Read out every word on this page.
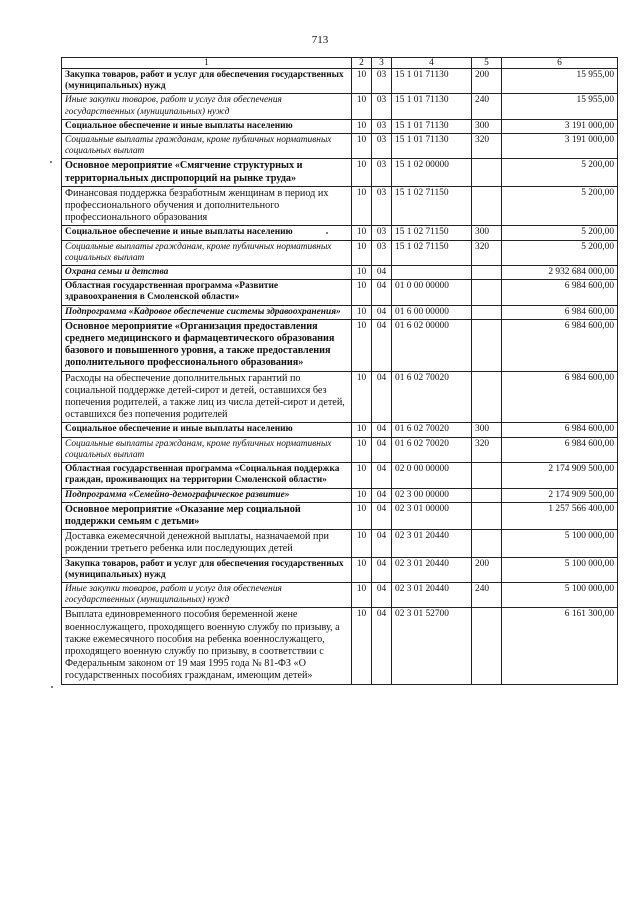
713
1	2	3	4	5	6
Закупка товаров, работ и услуг для обеспечения государственных (муниципальных) нужд	10	03	15 1 01 71130	200	15 955,00
Иные закупки товаров, работ и услуг для обеспечения государственных (муниципальных) нужд	10	03	15 1 01 71130	240	15 955,00
Социальное обеспечение и иные выплаты населению	10	03	15 1 01 71130	300	3 191 000,00
Социальные выплаты гражданам, кроме публичных нормативных социальных выплат	10	03	15 1 01 71130	320	3 191 000,00
Основное мероприятие «Смягчение структурных и территориальных диспропорций на рынке труда»	10	03	15 1 02 00000		5 200,00
Финансовая поддержка безработным женщинам в период их профессионального обучения и дополнительного профессионального образования	10	03	15 1 02 71150		5 200,00
Социальное обеспечение и иные выплаты населению	10	03	15 1 02 71150	300	5 200,00
Социальные выплаты гражданам, кроме публичных нормативных социальных выплат	10	03	15 1 02 71150	320	5 200,00
Охрана семьи и детства	10	04			2 932 684 000,00
Областная государственная программа «Развитие здравоохранения в Смоленской области»	10	04	01 0 00 00000		6 984 600,00
Подпрограмма «Кадровое обеспечение системы здравоохранения»	10	04	01 6 00 00000		6 984 600,00
Основное мероприятие «Организация предоставления среднего медицинского и фармацевтического образования базового и повышенного уровня, а также предоставления дополнительного профессионального образования»	10	04	01 6 02 00000		6 984 600,00
Расходы на обеспечение дополнительных гарантий по социальной поддержке детей-сирот и детей, оставшихся без попечения родителей, а также лиц из числа детей-сирот и детей, оставшихся без попечения родителей	10	04	01 6 02 70020		6 984 600,00
Социальное обеспечение и иные выплаты населению	10	04	01 6 02 70020	300	6 984 600,00
Социальные выплаты гражданам, кроме публичных нормативных социальных выплат	10	04	01 6 02 70020	320	6 984 600,00
Областная государственная программа «Социальная поддержка граждан, проживающих на территории Смоленской области»	10	04	02 0 00 00000		2 174 909 500,00
Подпрограмма «Семейно-демографическое развитие»	10	04	02 3 00 00000		2 174 909 500,00
Основное мероприятие «Оказание мер социальной поддержки семьям с детьми»	10	04	02 3 01 00000		1 257 566 400,00
Доставка ежемесячной денежной выплаты, назначаемой при рождении третьего ребенка или последующих детей	10	04	02 3 01 20440		5 100 000,00
Закупка товаров, работ и услуг для обеспечения государственных (муниципальных) нужд	10	04	02 3 01 20440	200	5 100 000,00
Иные закупки товаров, работ и услуг для обеспечения государственных (муниципальных) нужд	10	04	02 3 01 20440	240	5 100 000,00
Выплата единовременного пособия беременной жене военнослужащего, проходящего военную службу по призыву, а также ежемесячного пособия на ребенка военнослужащего, проходящего военную службу по призыву, в соответствии с Федеральным законом от 19 мая 1995 года № 81-ФЗ «О государственных пособиях гражданам, имеющим детей»	10	04	02 3 01 52700		6 161 300,00
